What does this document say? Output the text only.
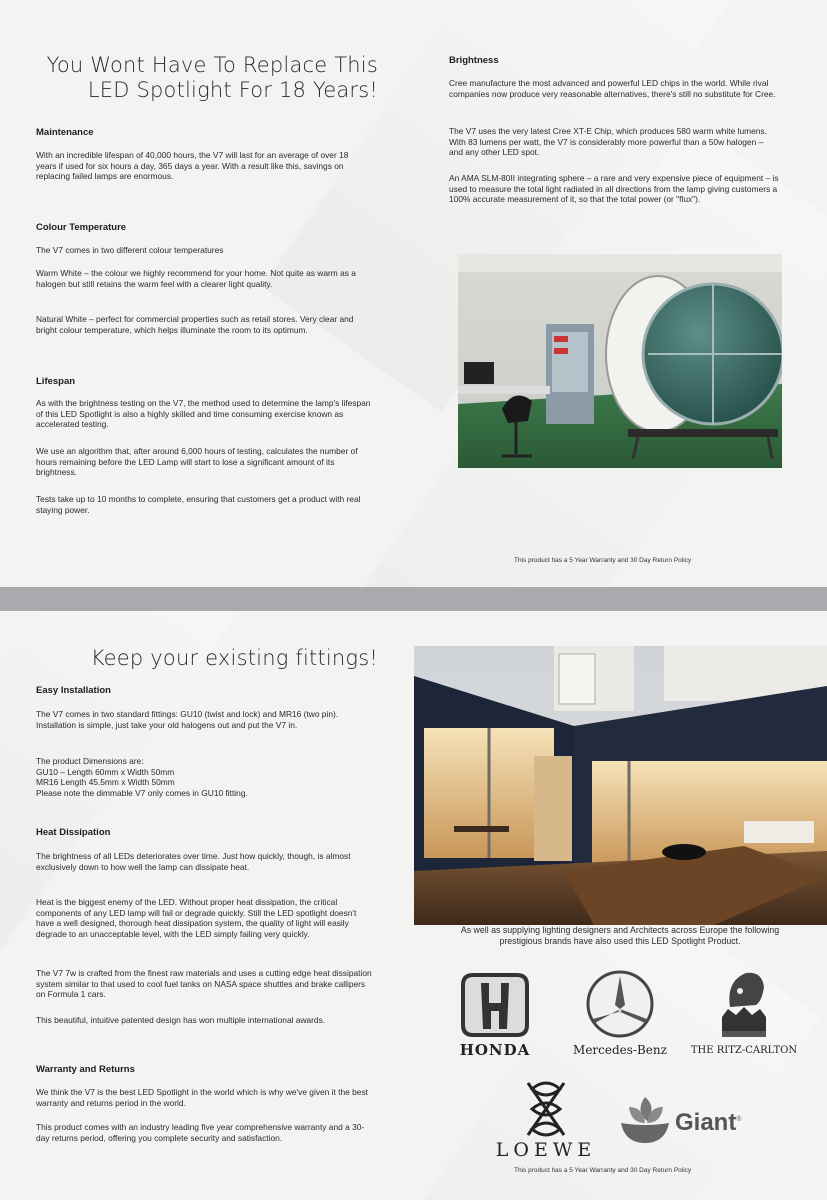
You Wont Have To Replace This
LED Spotlight For 18 Years!
Maintenance

With an incredible lifespan of 40,000 hours, the V7 will last for an average of over 18 years if used for six hours a day, 365 days a year. With a result like this, savings on replacing failed lamps are enormous.

Colour Temperature

The V7 comes in two different colour temperatures

Warm White – the colour we highly recommend for your home. Not quite as warm as a halogen but still retains the warm feel with a clearer light quality.

Natural White – perfect for commercial properties such as retail stores. Very clear and bright colour temperature, which helps illuminate the room to its optimum.

Lifespan

As with the brightness testing on the V7, the method used to determine the lamp's lifespan of this LED Spotlight is also a highly skilled and time consuming exercise known as accelerated testing.

We use an algorithm that, after around 6,000 hours of testing, calculates the number of hours remaining before the LED Lamp will start to lose a significant amount of its brightness.

Tests take up to 10 months to complete, ensuring that customers get a product with real staying power.

Brightness

Cree manufacture the most advanced and powerful LED chips in the world. While rival companies now produce very reasonable alternatives, there's still no substitute for Cree.

The V7 uses the very latest Cree XT-E Chip, which produces 580 warm white lumens. With 83 lumens per watt, the V7 is considerably more powerful than a 50w halogen – and any other LED spot.

An AMA SLM-80II integrating sphere – a rare and very expensive piece of equipment – is used to measure the total light radiated in all directions from the lamp giving customers a 100% accurate measurement of it, so that the total power (or "flux").

This product has a 5 Year Warranty and 30 Day Return Policy
Keep your existing fittings!
Easy Installation

The V7 comes in two standard fittings: GU10 (twist and lock) and MR16 (two pin). Installation is simple, just take your old halogens out and put the V7 in.

The product Dimensions are:
GU10 – Length 60mm x Width 50mm
MR16 Length 45.5mm x Width 50mm
Please note the dimmable V7 only comes in GU10 fitting.

Heat Dissipation

The brightness of all LEDs deteriorates over time. Just how quickly, though, is almost exclusively down to how well the lamp can dissipate heat.

Heat is the biggest enemy of the LED. Without proper heat dissipation, the critical components of any LED lamp will fail or degrade quickly. Still the LED spotlight doesn't have a well designed, thorough heat dissipation system, the quality of light will easily degrade to an unacceptable level, with the LED simply failing very quickly.

The V7 7w is crafted from the finest raw materials and uses a cutting edge heat dissipation system similar to that used to cool fuel tanks on NASA space shuttles and brake callipers on Formula 1 cars.

This beautiful, intuitive patented design has won multiple international awards.

Warranty and Returns

We think the V7 is the best LED Spotlight in the world which is why we've given it the best warranty and returns period in the world.

This product comes with an industry leading five year comprehensive warranty and a 30-day returns period, offering you complete security and satisfaction.

As well as supplying lighting designers and Architects across Europe the following prestigious brands have also used this LED Spotlight Product.

HONDA	Mercedes-Benz	THE RITZ-CARLTON
LOEWE
Giant®
This product has a 5 Year Warranty and 30 Day Return Policy
